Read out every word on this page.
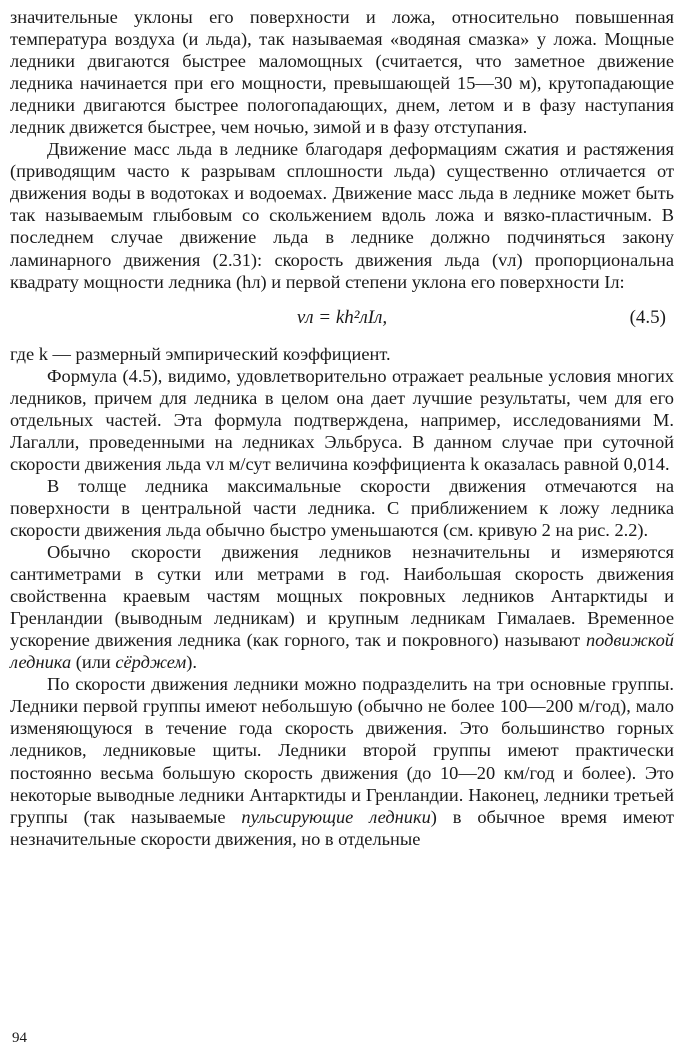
значительные уклоны его поверхности и ложа, относительно повышенная температура воздуха (и льда), так называемая «водяная смазка» у ложа. Мощные ледники двигаются быстрее маломощных (считается, что заметное движение ледника начинается при его мощности, превышающей 15—30 м), крутопадающие ледники двигаются быстрее пологопадающих, днем, летом и в фазу наступания ледник движется быстрее, чем ночью, зимой и в фазу отступания.

Движение масс льда в леднике благодаря деформациям сжатия и растяжения (приводящим часто к разрывам сплошности льда) существенно отличается от движения воды в водотоках и водоемах. Движение масс льда в леднике может быть так называемым глыбовым со скольжением вдоль ложа и вязко-пластичным. В последнем случае движение льда в леднике должно подчиняться закону ламинарного движения (2.31): скорость движения льда (vл) пропорциональна квадрату мощности ледника (hл) и первой степени уклона его поверхности Iл:

vл = kh²лIл,	(4.5)

где k — размерный эмпирический коэффициент.

Формула (4.5), видимо, удовлетворительно отражает реальные условия многих ледников, причем для ледника в целом она дает лучшие результаты, чем для его отдельных частей. Эта формула подтверждена, например, исследованиями М. Лагалли, проведенными на ледниках Эльбруса. В данном случае при суточной скорости движения льда vл м/сут величина коэффициента k оказалась равной 0,014.

В толще ледника максимальные скорости движения отмечаются на поверхности в центральной части ледника. С приближением к ложу ледника скорости движения льда обычно быстро уменьшаются (см. кривую 2 на рис. 2.2).

Обычно скорости движения ледников незначительны и измеряются сантиметрами в сутки или метрами в год. Наибольшая скорость движения свойственна краевым частям мощных покровных ледников Антарктиды и Гренландии (выводным ледникам) и крупным ледникам Гималаев. Временное ускорение движения ледника (как горного, так и покровного) называют подвижкой ледника (или сёрджем).

По скорости движения ледники можно подразделить на три основные группы. Ледники первой группы имеют небольшую (обычно не более 100—200 м/год), мало изменяющуюся в течение года скорость движения. Это большинство горных ледников, ледниковые щиты. Ледники второй группы имеют практически постоянно весьма большую скорость движения (до 10—20 км/год и более). Это некоторые выводные ледники Антарктиды и Гренландии. Наконец, ледники третьей группы (так называемые пульсирующие ледники) в обычное время имеют незначительные скорости движения, но в отдельные

94
